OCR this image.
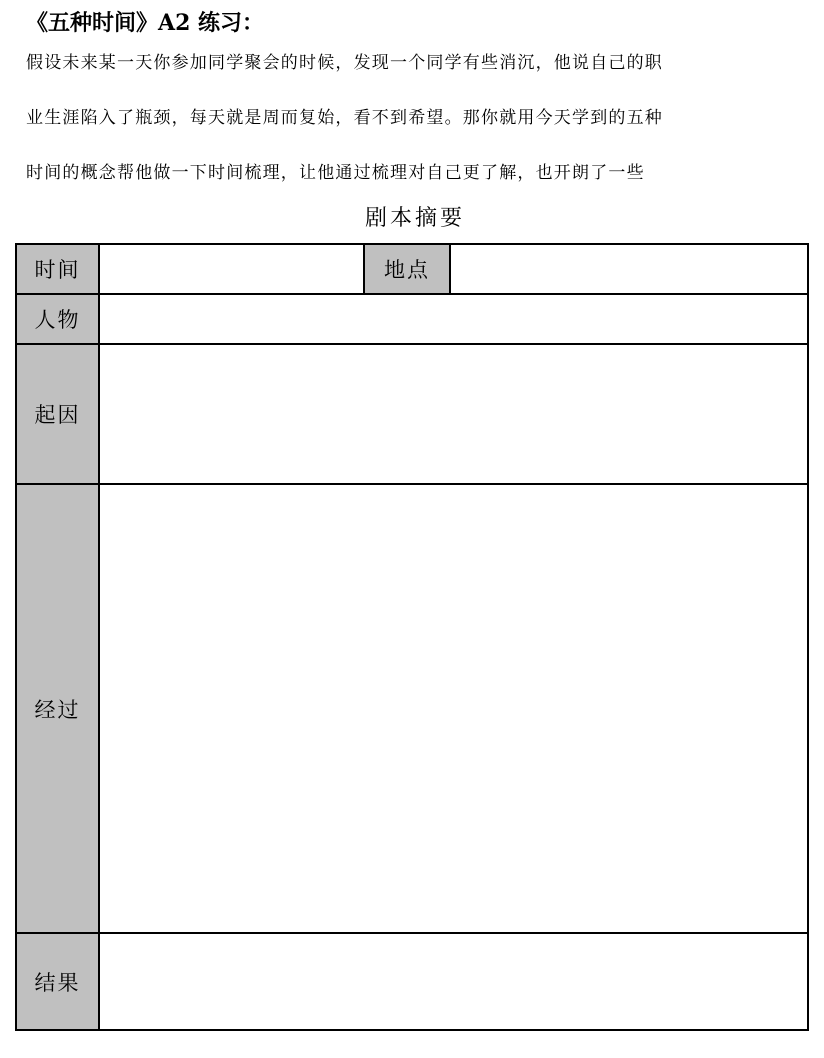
《五种时间》A2 练习：
假设未来某一天你参加同学聚会的时候，发现一个同学有些消沉，他说自己的职
业生涯陷入了瓶颈，每天就是周而复始，看不到希望。那你就用今天学到的五种
时间的概念帮他做一下时间梳理，让他通过梳理对自己更了解，也开朗了一些
剧本摘要
时间		地点	
人物			
起因			
经过			
结果			
